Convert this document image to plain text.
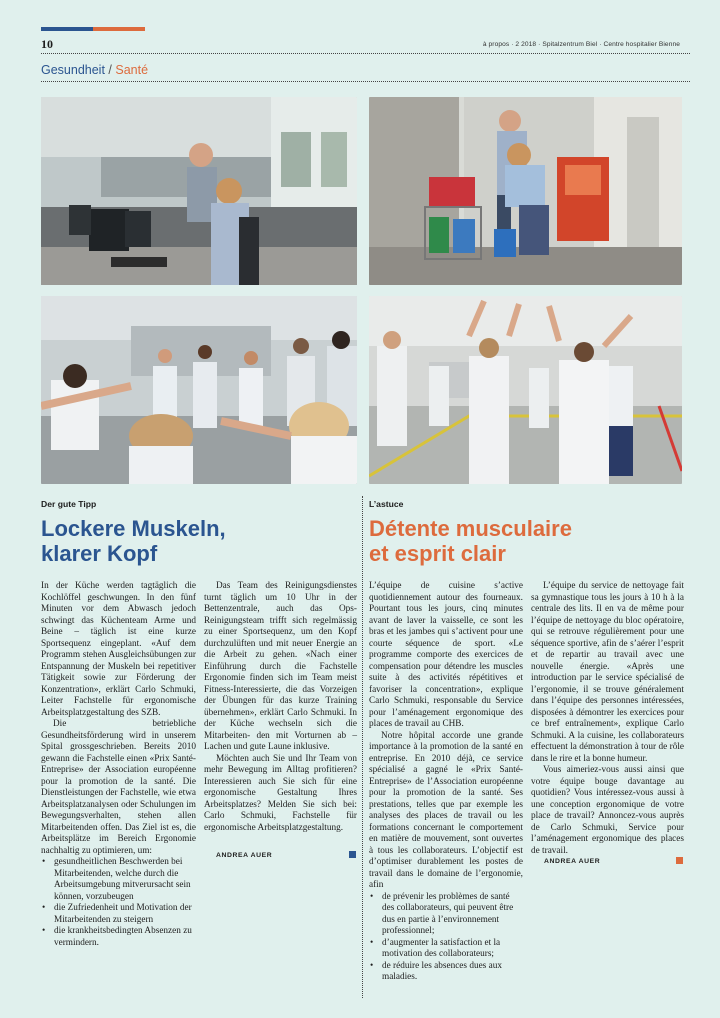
10	à propos · 2 2018 · Spitalzentrum Biel · Centre hospitalier Bienne
Gesundheit / Santé
Der gute Tipp
Lockere Muskeln,
klarer Kopf

In der Küche werden tagtäglich die Kochlöffel geschwungen. In den fünf Minuten vor dem Abwasch jedoch schwingt das Küchenteam Arme und Beine – täglich ist eine kurze Sportsequenz eingeplant. «Auf dem Programm stehen Ausgleichsübungen zur Entspannung der Muskeln bei repetitiver Tätigkeit sowie zur Förderung der Konzentration», erklärt Carlo Schmuki, Leiter Fachstelle für ergonomische Arbeitsplatzgestaltung des SZB.

Die betriebliche Gesundheitsförderung wird in unserem Spital grossgeschrieben. Bereits 2010 gewann die Fachstelle einen «Prix Santé-Entreprise» der Association européenne pour la promotion de la santé. Die Dienstleistungen der Fachstelle, wie etwa Arbeitsplatzanalysen oder Schulungen im Bewegungsverhalten, stehen allen Mitarbeitenden offen. Das Ziel ist es, die Arbeitsplätze im Bereich Ergonomie nachhaltig zu optimieren, um:

• gesundheitlichen Beschwerden bei Mitarbeitenden, welche durch die Arbeitsumgebung mitverursacht sein können, vorzubeugen
• die Zufriedenheit und Motivation der Mitarbeitenden zu steigern
• die krankheitsbedingten Absenzen zu vermindern.

Das Team des Reinigungsdienstes turnt täglich um 10 Uhr in der Bettenzentrale, auch das Ops-Reinigungsteam trifft sich regelmässig zu einer Sportsequenz, um den Kopf durchzulüften und mit neuer Energie an die Arbeit zu gehen. «Nach einer Einführung durch die Fachstelle Ergonomie finden sich im Team meist Fitness-Interessierte, die das Vorzeigen der Übungen für das kurze Training übernehmen», erklärt Carlo Schmuki. In der Küche wechseln sich die Mitarbeiten- den mit Vorturnen ab – Lachen und gute Laune inklusive.

Möchten auch Sie und Ihr Team von mehr Bewegung im Alltag profitieren? Interessieren auch Sie sich für eine ergonomische Gestaltung Ihres Arbeitsplatzes? Melden Sie sich bei: Carlo Schmuki, Fachstelle für ergonomische Arbeitsplatzgestaltung.

ANDREA AUER
L’astuce
Détente musculaire
et esprit clair

L’équipe de cuisine s’active quotidiennement autour des fourneaux. Pourtant tous les jours, cinq minutes avant de laver la vaisselle, ce sont les bras et les jambes qui s’activent pour une courte séquence de sport. «Le programme comporte des exercices de compensation pour détendre les muscles suite à des activités répétitives et favoriser la concentration», explique Carlo Schmuki, responsable du Service pour l’aménagement ergonomique des places de travail au CHB.

Notre hôpital accorde une grande importance à la promotion de la santé en entreprise. En 2010 déjà, ce service spécialisé a gagné le «Prix Santé-Entreprise» de l’Association européenne pour la promotion de la santé. Ses prestations, telles que par exemple les analyses des places de travail ou les formations concernant le comportement en matière de mouvement, sont ouvertes à tous les collaborateurs. L’objectif est d’optimiser durablement les postes de travail dans le domaine de l’ergonomie, afin

• de prévenir les problèmes de santé des collaborateurs, qui peuvent être dus en partie à l’environnement professionnel;
• d’augmenter la satisfaction et la motivation des collaborateurs;
• de réduire les absences dues aux maladies.

L’équipe du service de nettoyage fait sa gymnastique tous les jours à 10 h à la centrale des lits. Il en va de même pour l’équipe de nettoyage du bloc opératoire, qui se retrouve régulièrement pour une séquence sportive, afin de s’aérer l’esprit et de repartir au travail avec une nouvelle énergie. «Après une introduction par le service spécialisé de l’ergonomie, il se trouve généralement dans l’équipe des personnes intéressées, disposées à démontrer les exercices pour ce bref entraînement», explique Carlo Schmuki. A la cuisine, les collaborateurs effectuent la démonstration à tour de rôle dans le rire et la bonne humeur.

Vous aimeriez-vous aussi ainsi que votre équipe bouge davantage au quotidien? Vous intéressez-vous aussi à une conception ergonomique de votre place de travail? Annoncez-vous auprès de Carlo Schmuki, Service pour l’aménagement ergonomique des places de travail.

ANDREA AUER
